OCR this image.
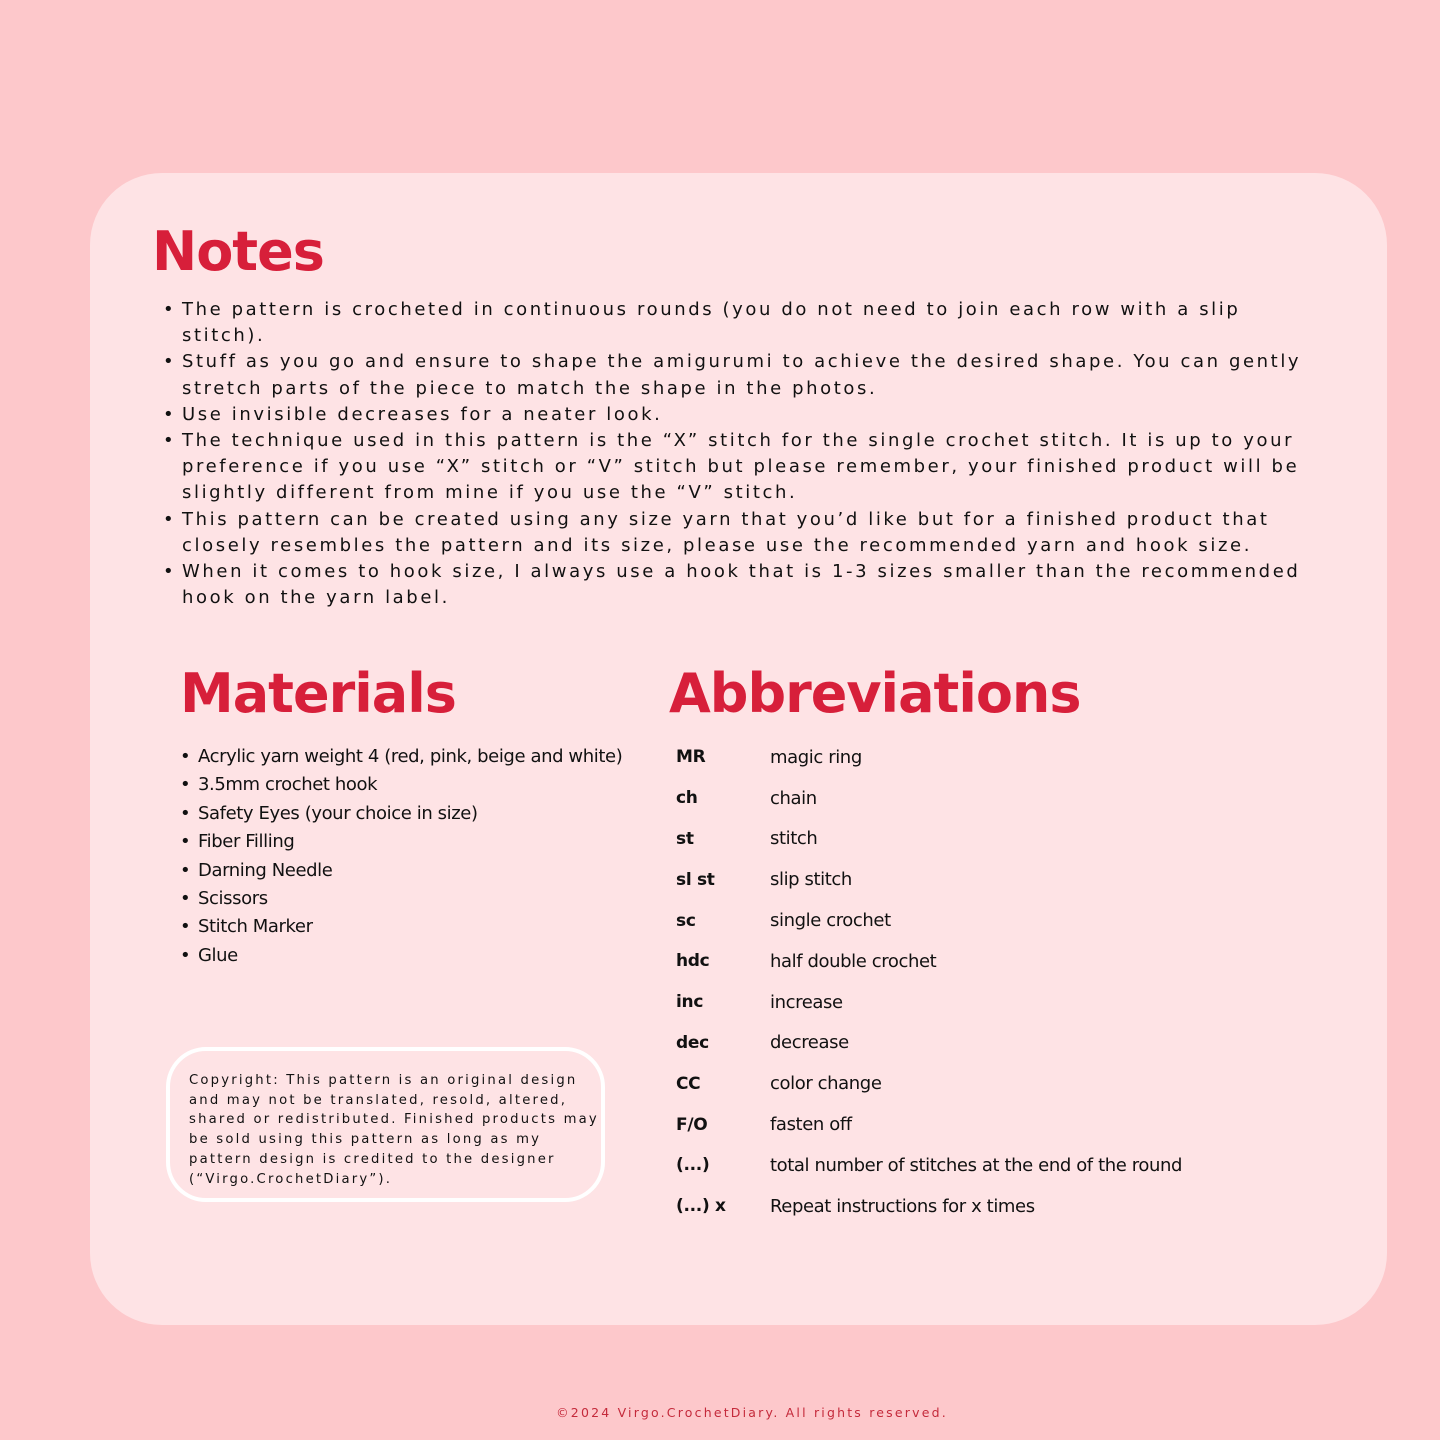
Notes
• The pattern is crocheted in continuous rounds (you do not need to join each row with a slip stitch).
• Stuff as you go and ensure to shape the amigurumi to achieve the desired shape. You can gently stretch parts of the piece to match the shape in the photos.
• Use invisible decreases for a neater look.
• The technique used in this pattern is the “X” stitch for the single crochet stitch. It is up to your preference if you use “X” stitch or “V” stitch but please remember, your finished product will be slightly different from mine if you use the “V” stitch.
• This pattern can be created using any size yarn that you’d like but for a finished product that closely resembles the pattern and its size, please use the recommended yarn and hook size.
• When it comes to hook size, I always use a hook that is 1-3 sizes smaller than the recommended hook on the yarn label.
Materials
• Acrylic yarn weight 4 (red, pink, beige and white)
• 3.5mm crochet hook
• Safety Eyes (your choice in size)
• Fiber Filling
• Darning Needle
• Scissors
• Stitch Marker
• Glue
Abbreviations
MR	magic ring
ch	chain
st	stitch
sl st	slip stitch
sc	single crochet
hdc	half double crochet
inc	increase
dec	decrease
CC	color change
F/O	fasten off
(...)	total number of stitches at the end of the round
(...) x	Repeat instructions for x times

Copyright: This pattern is an original design and may not be translated, resold, altered, shared or redistributed. Finished products may be sold using this pattern as long as my pattern design is credited to the designer (“Virgo.CrochetDiary”).

©2024 Virgo.CrochetDiary. All rights reserved.
